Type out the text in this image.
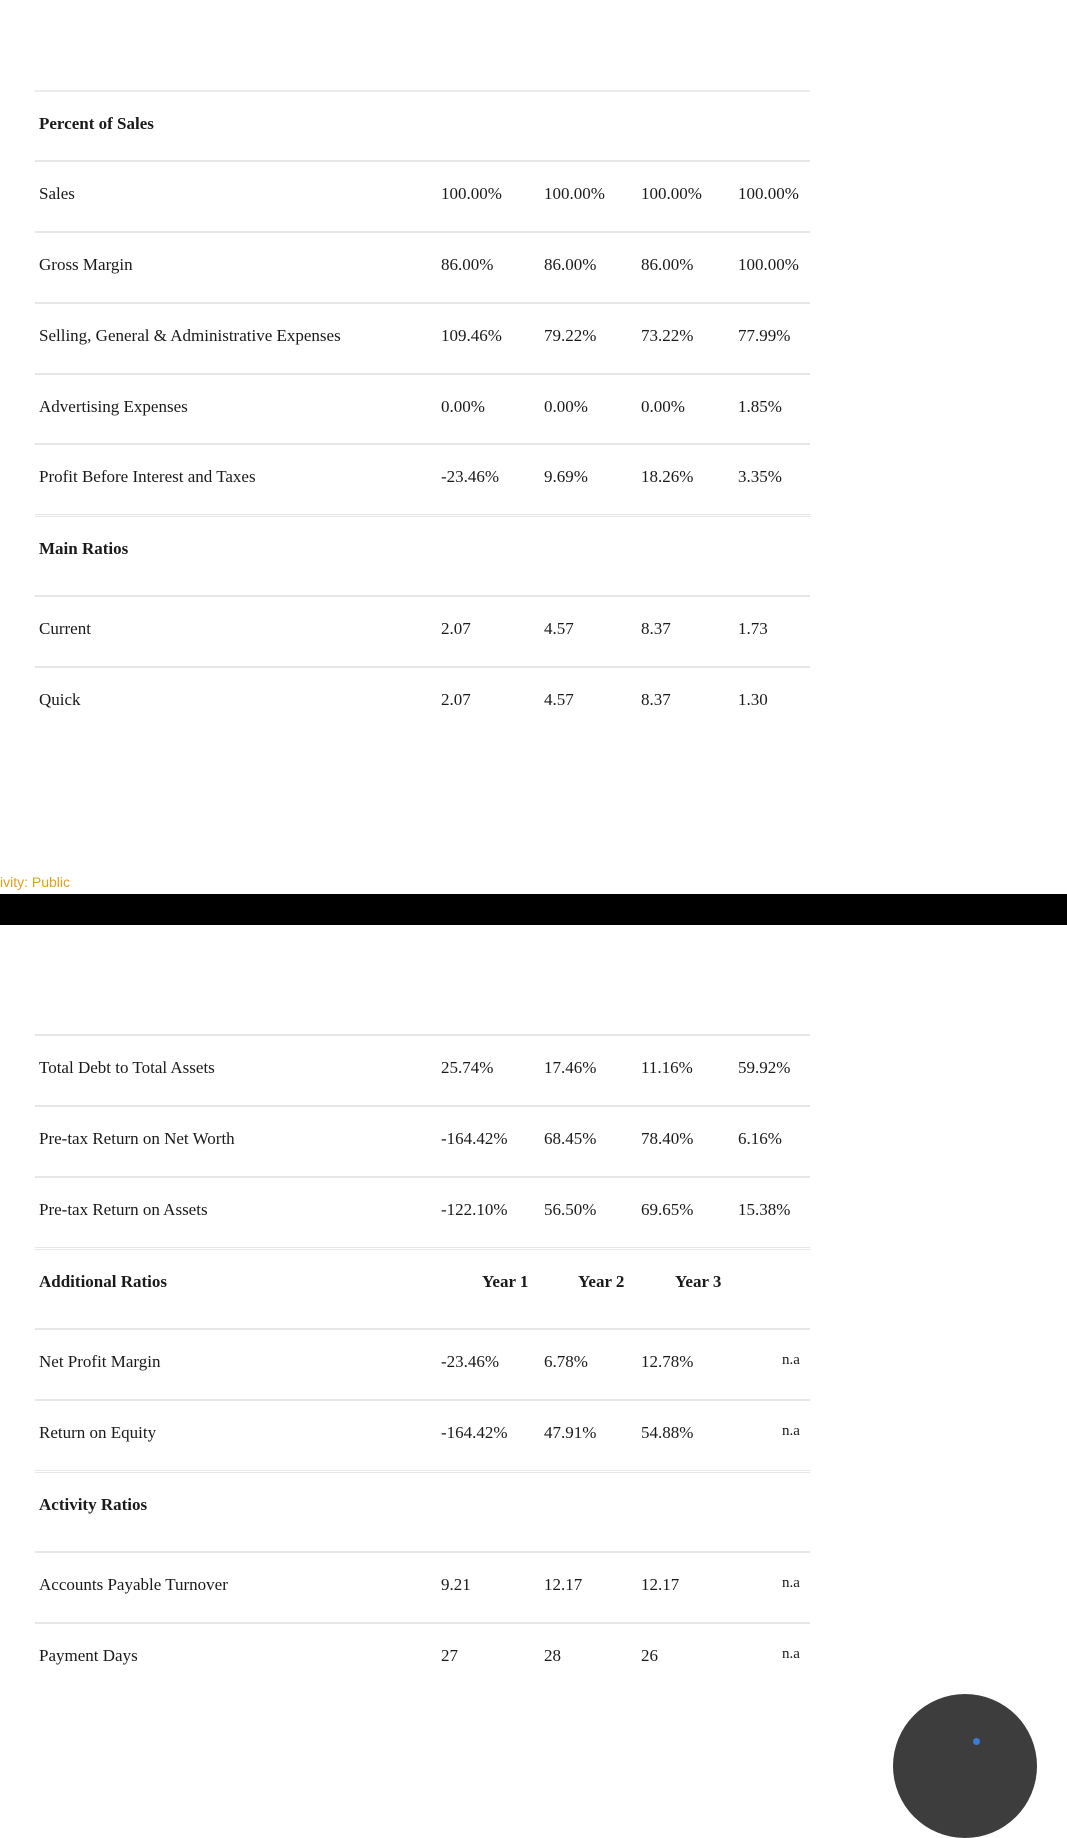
Percent of Sales
Sales	100.00% 100.00% 100.00% 100.00%
Gross Margin	86.00%	86.00%	86.00%	100.00%
Selling, General & Administrative Expenses	109.46% 79.22%	73.22%	77.99%
Advertising Expenses	0.00%	0.00%	0.00%	1.85%
Profit Before Interest and Taxes	-23.46%	9.69%	18.26%	3.35%
Main Ratios
Current	2.07	4.57	8.37	1.73
Quick	2.07	4.57	8.37	1.30
ivity: Public
Total Debt to Total Assets	25.74%	17.46%	11.16%	59.92%
Pre-tax Return on Net Worth	-164.42% 68.45%	78.40%	6.16%
Pre-tax Return on Assets	-122.10% 56.50%	69.65%	15.38%
Additional Ratios	Year 1	Year 2	Year 3
Net Profit Margin	-23.46%	6.78%	12.78%	n.a
Return on Equity	-164.42% 47.91%	54.88%	n.a
Activity Ratios
Accounts Payable Turnover	9.21	12.17	12.17	n.a
Payment Days	27	28	26	n.a
